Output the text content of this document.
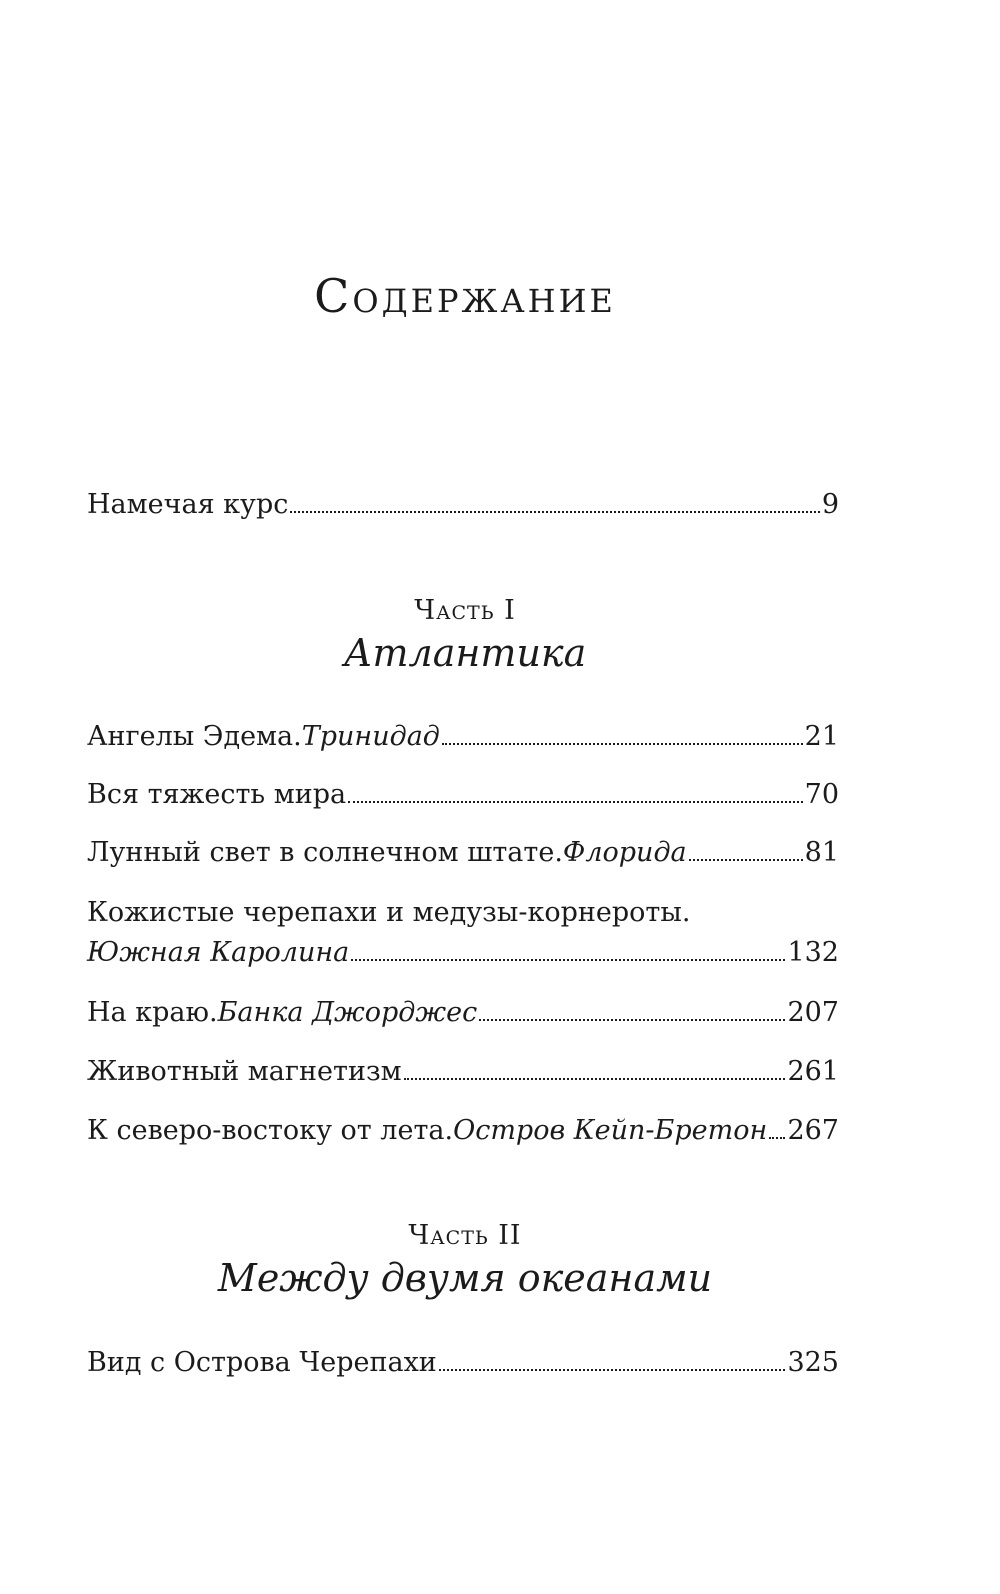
Содержание
Намечая курс	9
Часть I
Атлантика
Ангелы Эдема. Тринидад	21
Вся тяжесть мира	70
Лунный свет в солнечном штате. Флорида	81
Кожистые черепахи и медузы-корнероты.
Южная Каролина	132
На краю. Банка Джорджес	207
Животный магнетизм	261
К северо-востоку от лета. Остров Кейп-Бретон 267
Часть II
Между двумя океанами
Вид с Острова Черепахи	325
